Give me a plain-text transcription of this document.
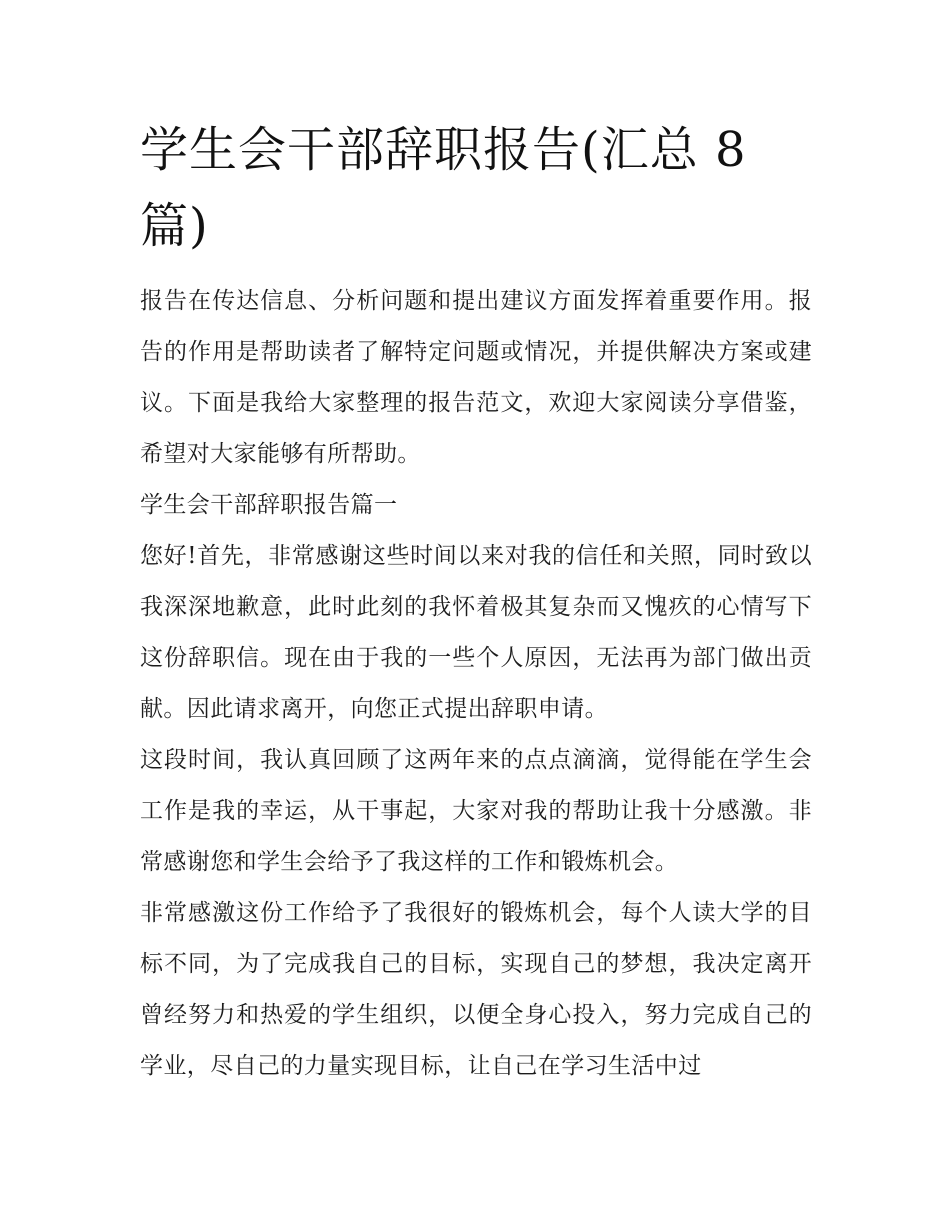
学生会干部辞职报告(汇总 8 篇)

报告在传达信息、分析问题和提出建议方面发挥着重要作用。报告的作用是帮助读者了解特定问题或情况，并提供解决方案或建议。下面是我给大家整理的报告范文，欢迎大家阅读分享借鉴，希望对大家能够有所帮助。

学生会干部辞职报告篇一

您好!首先，非常感谢这些时间以来对我的信任和关照，同时致以我深深地歉意，此时此刻的我怀着极其复杂而又愧疚的心情写下这份辞职信。现在由于我的一些个人原因，无法再为部门做出贡献。因此请求离开，向您正式提出辞职申请。

这段时间，我认真回顾了这两年来的点点滴滴，觉得能在学生会工作是我的幸运，从干事起，大家对我的帮助让我十分感激。非常感谢您和学生会给予了我这样的工作和锻炼机会。

非常感激这份工作给予了我很好的锻炼机会，每个人读大学的目标不同，为了完成我自己的目标，实现自己的梦想，我决定离开曾经努力和热爱的学生组织，以便全身心投入，努力完成自己的学业，尽自己的力量实现目标，让自己在学习生活中过
